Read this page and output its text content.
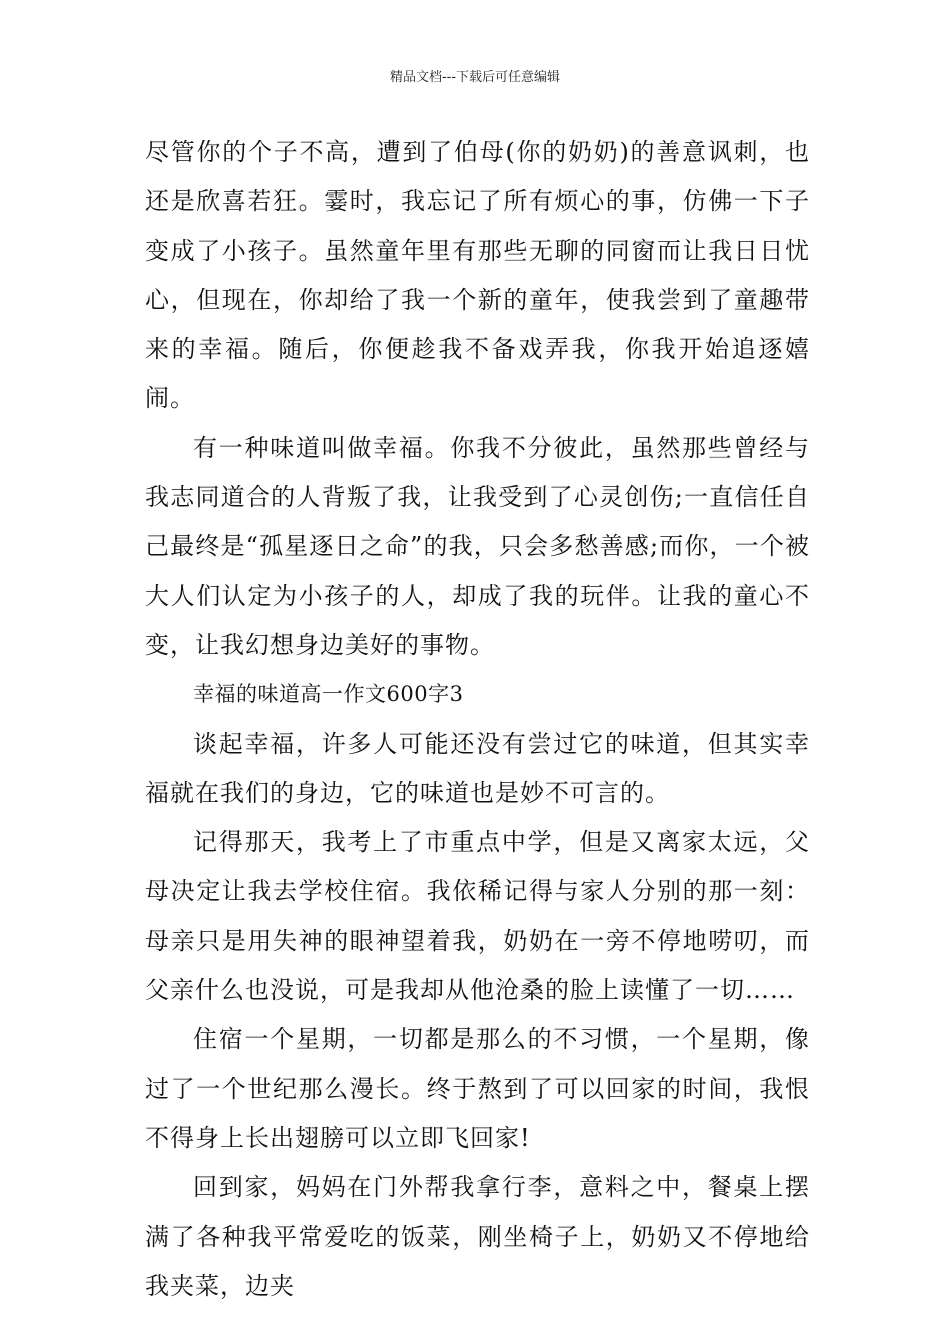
精品文档---下载后可任意编辑

尽管你的个子不高，遭到了伯母(你的奶奶)的善意讽刺，也还是欣喜若狂。霎时，我忘记了所有烦心的事，仿佛一下子变成了小孩子。虽然童年里有那些无聊的同窗而让我日日忧心，但现在，你却给了我一个新的童年，使我尝到了童趣带来的幸福。随后，你便趁我不备戏弄我，你我开始追逐嬉闹。

有一种味道叫做幸福。你我不分彼此，虽然那些曾经与我志同道合的人背叛了我，让我受到了心灵创伤;一直信任自己最终是“孤星逐日之命”的我，只会多愁善感;而你，一个被大人们认定为小孩子的人，却成了我的玩伴。让我的童心不变，让我幻想身边美好的事物。

幸福的味道高一作文600字3

谈起幸福，许多人可能还没有尝过它的味道，但其实幸福就在我们的身边，它的味道也是妙不可言的。

记得那天，我考上了市重点中学，但是又离家太远，父母决定让我去学校住宿。我依稀记得与家人分别的那一刻：母亲只是用失神的眼神望着我，奶奶在一旁不停地唠叨，而父亲什么也没说，可是我却从他沧桑的脸上读懂了一切……

住宿一个星期，一切都是那么的不习惯，一个星期，像过了一个世纪那么漫长。终于熬到了可以回家的时间，我恨不得身上长出翅膀可以立即飞回家!

回到家，妈妈在门外帮我拿行李，意料之中，餐桌上摆满了各种我平常爱吃的饭菜，刚坐椅子上，奶奶又不停地给我夹菜，边夹
